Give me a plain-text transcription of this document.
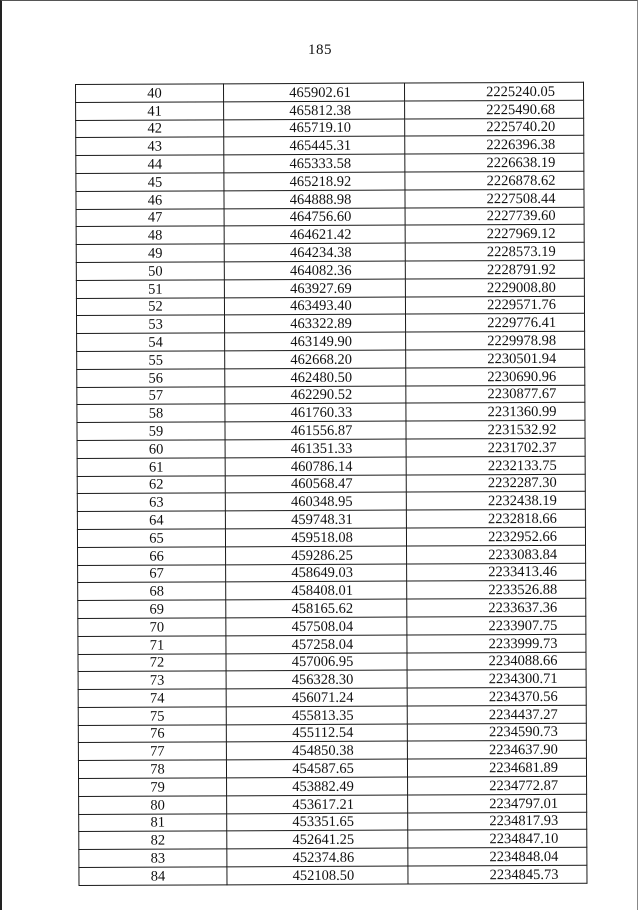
185
40	465902.61	2225240.05
41	465812.38	2225490.68
42	465719.10	2225740.20
43	465445.31	2226396.38
44	465333.58	2226638.19
45	465218.92	2226878.62
46	464888.98	2227508.44
47	464756.60	2227739.60
48	464621.42	2227969.12
49	464234.38	2228573.19
50	464082.36	2228791.92
51	463927.69	2229008.80
52	463493.40	2229571.76
53	463322.89	2229776.41
54	463149.90	2229978.98
55	462668.20	2230501.94
56	462480.50	2230690.96
57	462290.52	2230877.67
58	461760.33	2231360.99
59	461556.87	2231532.92
60	461351.33	2231702.37
61	460786.14	2232133.75
62	460568.47	2232287.30
63	460348.95	2232438.19
64	459748.31	2232818.66
65	459518.08	2232952.66
66	459286.25	2233083.84
67	458649.03	2233413.46
68	458408.01	2233526.88
69	458165.62	2233637.36
70	457508.04	2233907.75
71	457258.04	2233999.73
72	457006.95	2234088.66
73	456328.30	2234300.71
74	456071.24	2234370.56
75	455813.35	2234437.27
76	455112.54	2234590.73
77	454850.38	2234637.90
78	454587.65	2234681.89
79	453882.49	2234772.87
80	453617.21	2234797.01
81	453351.65	2234817.93
82	452641.25	2234847.10
83	452374.86	2234848.04
84	452108.50	2234845.73
